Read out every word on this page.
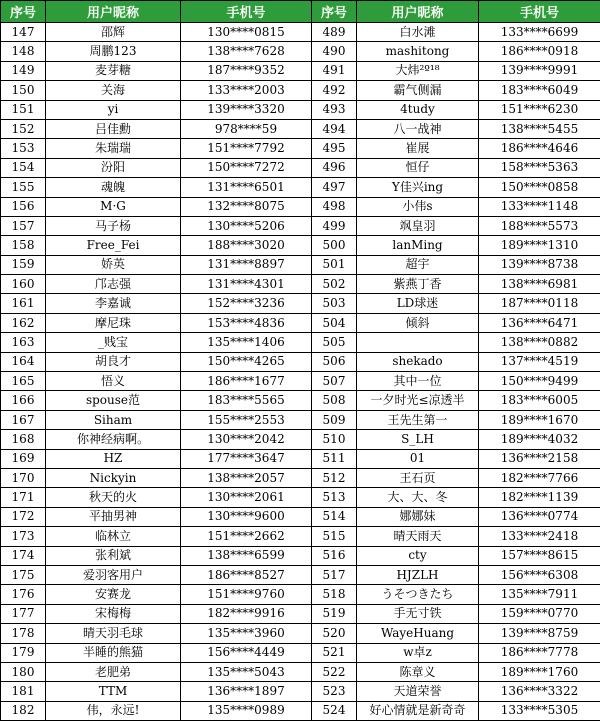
序号	用户昵称	手机号	序号	用户昵称	手机号
147	邵辉	130****0815	489	白水滩	133****6699
148	周鹏123	138****7628	490	mashitong	186****0918
149	麦芽糖	187****9352	491	大炜²º¹⁸	139****9991
150	关海	133****2003	492	霸气侧漏	183****6049
151	yi	139****3320	493	4tudy	151****6230
152	吕佳勳	978****59	494	八一战神	138****5455
153	朱瑞瑞	151****7792	495	崔展	186****4646
154	汾阳	150****7272	496	恒仔	158****5363
155	魂魄	131****6501	497	Y佳兴ing	150****0858
156	M·G	132****8075	498	小伟s	133****1148
157	马子杨	130****5206	499	飒皇羽	188****5573
158	Free_Fei	188****3020	500	lanMing	189****1310
159	娇英	131****8897	501	超宇	139****8738
160	邝志强	131****4301	502	紫燕丁香	138****6981
161	李嘉诚	152****3236	503	LD球迷	187****0118
162	摩尼珠	153****4836	504	倾斜	136****6471
163	_贱宝	135****1406	505		138****0882
164	胡良才	150****4265	506	shekado	137****4519
165	悟义	186****1677	507	其中一位	150****9499
166	spouse范	183****5565	508	一夕时光≤凉透半	183****6005
167	Siham	155****2553	509	王先生第一	189****1670
168	你神经病啊。	130****2042	510	S_LH	189****4032
169	HZ	177****3647	511	01	136****2158
170	Nickyin	138****2057	512	王石页	182****7766
171	秋天的火	130****2061	513	大、大、冬	182****1139
172	平抽男神	130****9600	514	娜娜妹	136****0774
173	临林立	151****2662	515	晴天雨天	133****2418
174	张利斌	138****6599	516	cty	157****8615
175	爱羽客用户	186****8527	517	HJZLH	156****6308
176	安赛龙	151****9760	518	うそつきたち	135****7911
177	宋梅梅	182****9916	519	手无寸铁	159****0770
178	晴天羽毛球	135****3960	520	WayeHuang	139****8759
179	半睡的熊猫	156****4449	521	w卓z	186****7778
180	老肥弟	135****5043	522	陈章义	189****1760
181	TTM	136****1897	523	天道荣誉	136****3322
182	伟，永远!	135****0989	524	好心情就是新奇奇	133****5305
